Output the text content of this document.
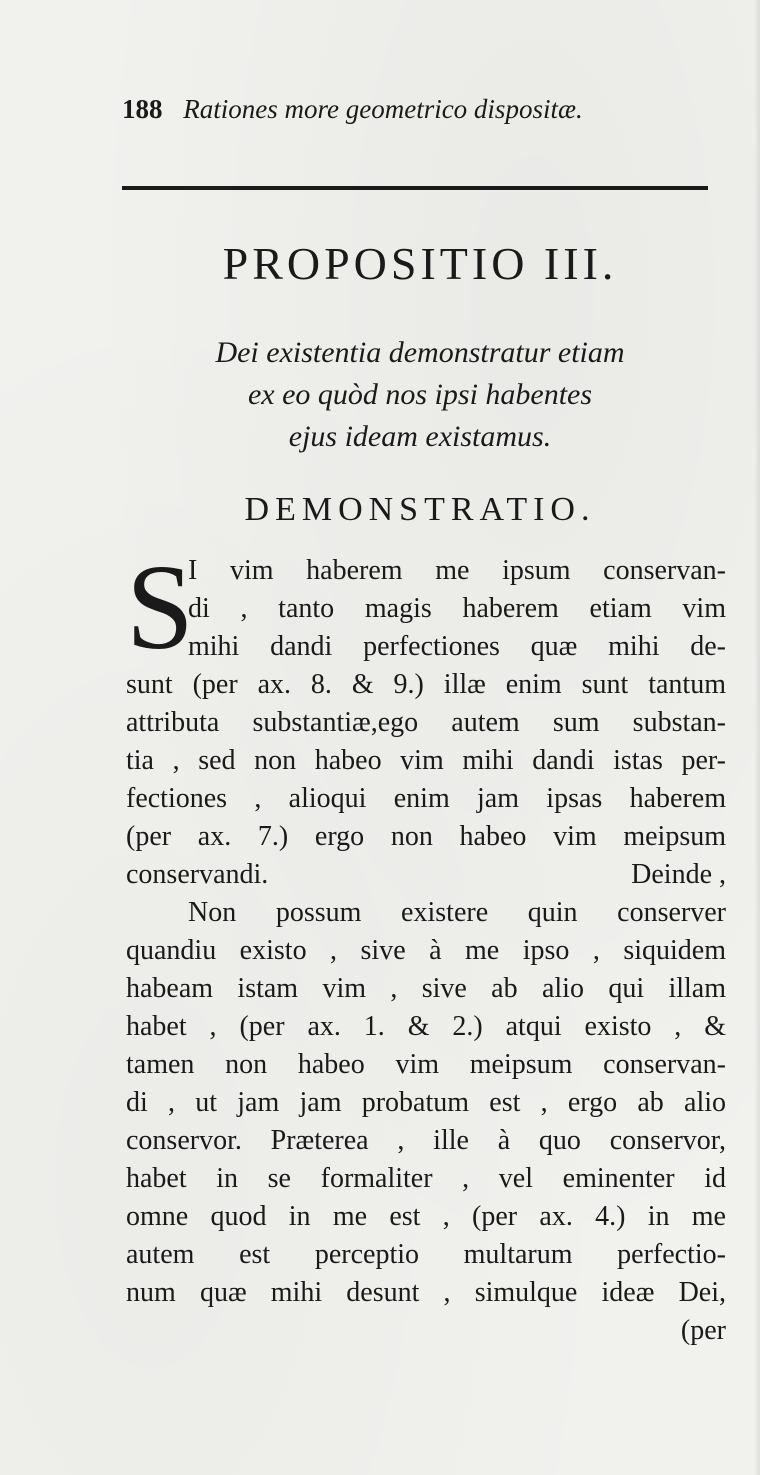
188 Rationes more geometrico dispositæ.
PROPOSITIO III.
Dei existentia demonstratur etiam
ex eo quòd nos ipsi habentes
ejus ideam existamus.
DEMONSTRATIO.
S
I vim haberem me ipsum conservan-
di , tanto magis haberem etiam vim
mihi dandi perfectiones quæ mihi de-
sunt (per ax. 8. & 9.) illæ enim sunt tantum
attributa substantiæ,ego autem sum substan-
tia , sed non habeo vim mihi dandi istas per-
fectiones , alioqui enim jam ipsas haberem
(per ax. 7.) ergo non habeo vim meipsum
conservandi.	Deinde ,
Non possum existere quin conserver
quandiu existo , sive à me ipso , siquidem
habeam istam vim , sive ab alio qui illam
habet , (per ax. 1. & 2.) atqui existo , &
tamen non habeo vim meipsum conservan-
di , ut jam jam probatum est , ergo ab alio
conservor. Præterea , ille à quo conservor,
habet in se formaliter , vel eminenter id
omne quod in me est , (per ax. 4.) in me
autem est perceptio multarum perfectio-
num quæ mihi desunt , simulque ideæ Dei,
(per
